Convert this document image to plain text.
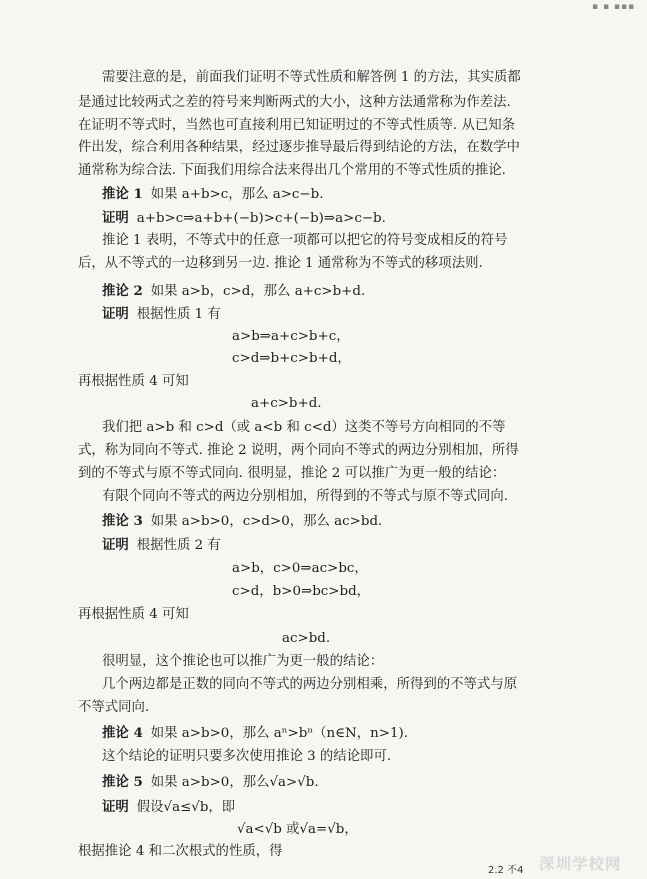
▪ ▪ ▪▪▪
需要注意的是，前面我们证明不等式性质和解答例 1 的方法，其实质都
是通过比较两式之差的符号来判断两式的大小，这种方法通常称为作差法.
在证明不等式时，当然也可直接利用已知证明过的不等式性质等. 从已知条
件出发，综合利用各种结果，经过逐步推导最后得到结论的方法，在数学中
通常称为综合法. 下面我们用综合法来得出几个常用的不等式性质的推论.
推论 1 如果 a+b>c，那么 a>c−b.
证明 a+b>c⇒a+b+(−b)>c+(−b)⇒a>c−b.
推论 1 表明，不等式中的任意一项都可以把它的符号变成相反的符号
后，从不等式的一边移到另一边. 推论 1 通常称为不等式的移项法则.
推论 2 如果 a>b，c>d，那么 a+c>b+d.
证明 根据性质 1 有
a>b⇒a+c>b+c，
c>d⇒b+c>b+d，
再根据性质 4 可知
a+c>b+d.
我们把 a>b 和 c>d（或 a<b 和 c<d）这类不等号方向相同的不等
式，称为同向不等式. 推论 2 说明，两个同向不等式的两边分别相加，所得
到的不等式与原不等式同向. 很明显，推论 2 可以推广为更一般的结论：
有限个同向不等式的两边分别相加，所得到的不等式与原不等式同向.
推论 3 如果 a>b>0，c>d>0，那么 ac>bd.
证明 根据性质 2 有
a>b，c>0⇒ac>bc，
c>d，b>0⇒bc>bd，
再根据性质 4 可知
ac>bd.
很明显，这个推论也可以推广为更一般的结论：
几个两边都是正数的同向不等式的两边分别相乘，所得到的不等式与原
不等式同向.
推论 4 如果 a>b>0，那么 aⁿ>bⁿ（n∈N，n>1).
这个结论的证明只要多次使用推论 3 的结论即可.
推论 5 如果 a>b>0，那么√a>√b.
证明 假设√a≤√b，即
√a<√b 或√a=√b，
根据推论 4 和二次根式的性质，得
2.2 不4 深圳学校网
